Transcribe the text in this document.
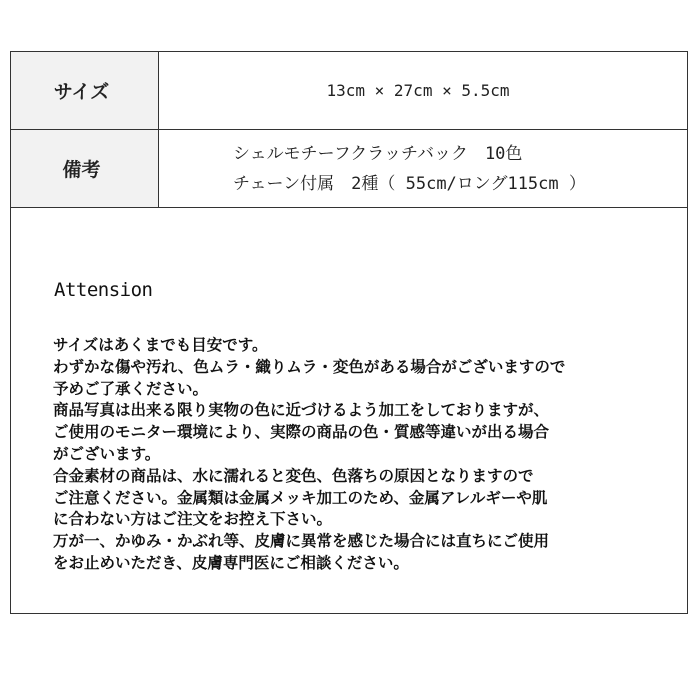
サイズ	13cm × 27cm × 5.5cm
備考
シェルモチーフクラッチバック　10色
チェーン付属　2種（ 55cm/ロング115cm ）
Attension
サイズはあくまでも目安です。
わずかな傷や汚れ、色ムラ・織りムラ・変色がある場合がございますので
予めご了承ください。
商品写真は出来る限り実物の色に近づけるよう加工をしておりますが、
ご使用のモニター環境により、実際の商品の色・質感等違いが出る場合
がございます。
合金素材の商品は、水に濡れると変色、色落ちの原因となりますので
ご注意ください。金属類は金属メッキ加工のため、金属アレルギーや肌
に合わない方はご注文をお控え下さい。
万が一、かゆみ・かぶれ等、皮膚に異常を感じた場合には直ちにご使用
をお止めいただき、皮膚専門医にご相談ください。
